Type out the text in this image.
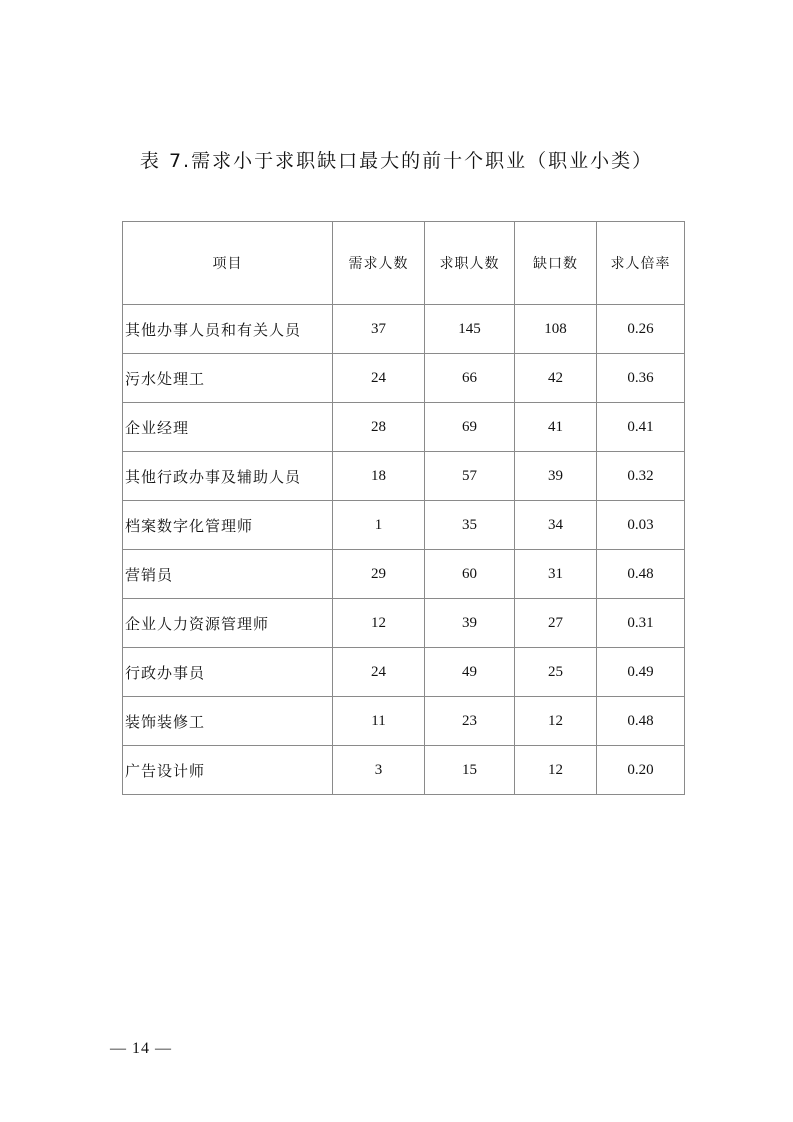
表 7.需求小于求职缺口最大的前十个职业（职业小类）
项目	需求人数	求职人数	缺口数	求人倍率
其他办事人员和有关人员	37	145	108	0.26
污水处理工	24	66	42	0.36
企业经理	28	69	41	0.41
其他行政办事及辅助人员	18	57	39	0.32
档案数字化管理师	1	35	34	0.03
营销员	29	60	31	0.48
企业人力资源管理师	12	39	27	0.31
行政办事员	24	49	25	0.49
装饰装修工	11	23	12	0.48
广告设计师	3	15	12	0.20
— 14 —
